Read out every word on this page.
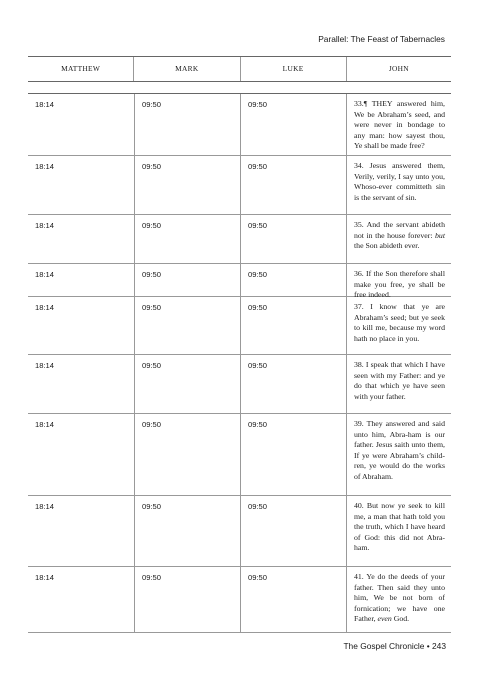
Parallel: The Feast of Tabernacles
MATTHEW	MARK	LUKE	JOHN
18:14	09:50	09:50	33.¶ THEY answered him, We be Abraham’s seed, and were never in bondage to any man: how sayest thou, Ye shall be made free?
18:14	09:50	09:50	34. Jesus answered them, Verily, verily, I say unto you, Whoso-ever committeth sin is the servant of sin.
18:14	09:50	09:50	35. And the servant abideth not in the house forever: but the Son abideth ever.
18:14	09:50	09:50	36. If the Son therefore shall make you free, ye shall be free indeed.
18:14	09:50	09:50	37. I know that ye are Abraham’s seed; but ye seek to kill me, because my word hath no place in you.
18:14	09:50	09:50	38. I speak that which I have seen with my Father: and ye do that which ye have seen with your father.
18:14	09:50	09:50	39. They answered and said unto him, Abra-ham is our father. Jesus saith unto them, If ye were Abraham’s child-ren, ye would do the works of Abraham.
18:14	09:50	09:50	40. But now ye seek to kill me, a man that hath told you the truth, which I have heard of God: this did not Abra-ham.
18:14	09:50	09:50	41. Ye do the deeds of your father. Then said they unto him, We be not born of fornication; we have one Father, even God.
The Gospel Chronicle • 243
